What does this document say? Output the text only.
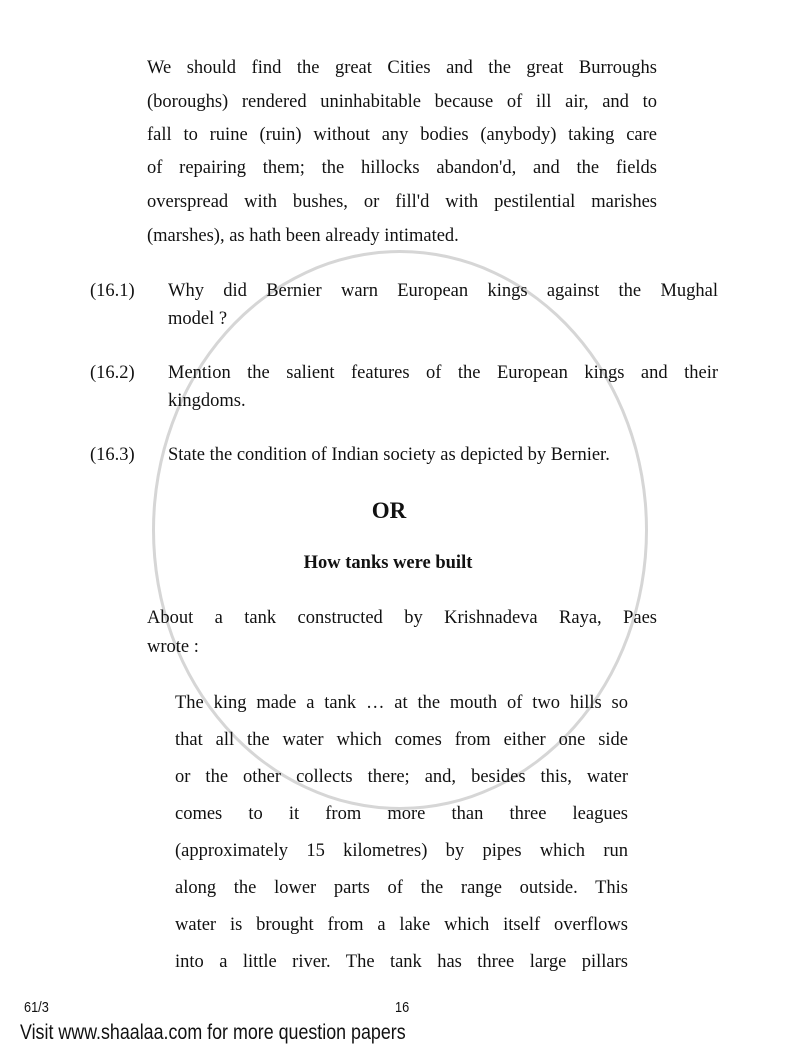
We should find the great Cities and the great Burroughs
(boroughs) rendered uninhabitable because of ill air, and to
fall to ruine (ruin) without any bodies (anybody) taking care
of repairing them; the hillocks abandon'd, and the fields
overspread with bushes, or fill'd with pestilential marishes
(marshes), as hath been already intimated.
(16.1) Why did Bernier warn European kings against the Mughal
model ?
(16.2) Mention the salient features of the European kings and their
kingdoms.
(16.3) State the condition of Indian society as depicted by Bernier.
OR
How tanks were built
About a tank constructed by Krishnadeva Raya, Paes
wrote :
The king made a tank … at the mouth of two hills so
that all the water which comes from either one side
or the other collects there; and, besides this, water
comes to it from more than three leagues
(approximately 15 kilometres) by pipes which run
along the lower parts of the range outside. This
water is brought from a lake which itself overflows
into a little river. The tank has three large pillars
61/3	16
Visit www.shaalaa.com for more question papers
